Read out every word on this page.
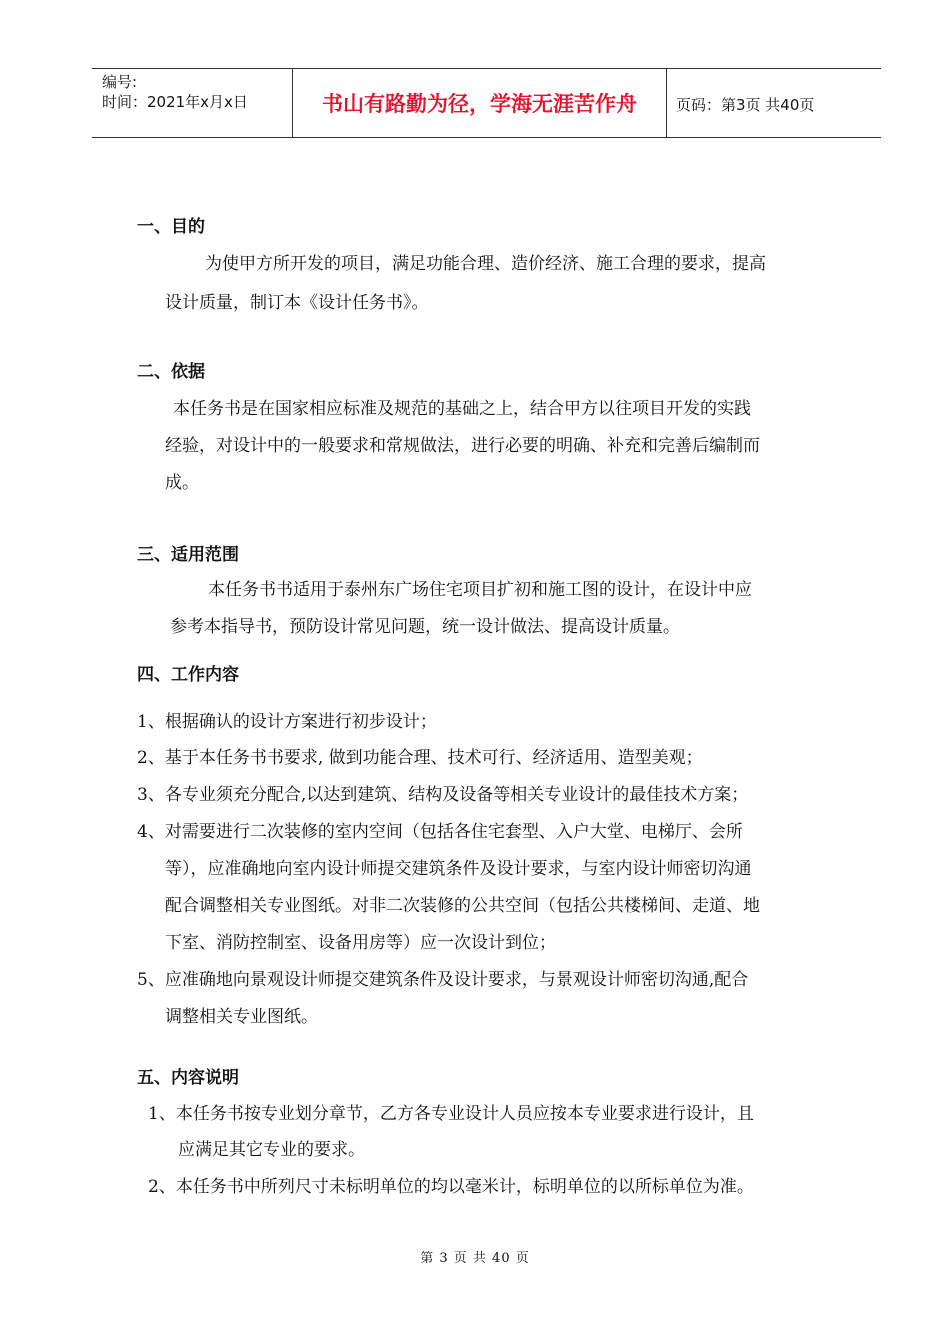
编号:
时间：2021年x月x日	书山有路勤为径，学海无涯苦作舟	页码：第3页 共40页
一、目的
为使甲方所开发的项目，满足功能合理、造价经济、施工合理的要求，提高
设计质量，制订本《设计任务书》。
二、依据
本任务书是在国家相应标准及规范的基础之上，结合甲方以往项目开发的实践
经验，对设计中的一般要求和常规做法，进行必要的明确、补充和完善后编制而
成。
三、适用范围
本任务书书适用于泰州东广场住宅项目扩初和施工图的设计，在设计中应
参考本指导书，预防设计常见问题，统一设计做法、提高设计质量。
四、工作内容
1、根据确认的设计方案进行初步设计；
2、基于本任务书书要求, 做到功能合理、技术可行、经济适用、造型美观；
3、各专业须充分配合,以达到建筑、结构及设备等相关专业设计的最佳技术方案；
4、对需要进行二次装修的室内空间（包括各住宅套型、入户大堂、电梯厅、会所
等），应准确地向室内设计师提交建筑条件及设计要求，与室内设计师密切沟通
配合调整相关专业图纸。对非二次装修的公共空间（包括公共楼梯间、走道、地
下室、消防控制室、设备用房等）应一次设计到位；
5、应准确地向景观设计师提交建筑条件及设计要求，与景观设计师密切沟通,配合
调整相关专业图纸。
五、内容说明
1、本任务书按专业划分章节，乙方各专业设计人员应按本专业要求进行设计，且
应满足其它专业的要求。
2、本任务书中所列尺寸未标明单位的均以毫米计，标明单位的以所标单位为准。
第 3 页 共 40 页
